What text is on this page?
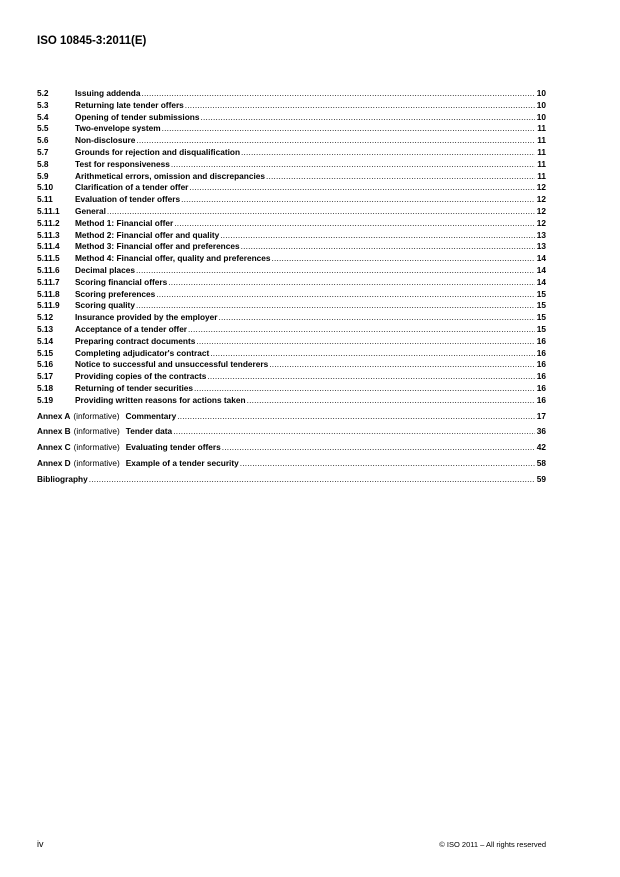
ISO 10845-3:2011(E)
5.2	Issuing addenda .....	10
5.3	Returning late tender offers .....	10
5.4	Opening of tender submissions .....	10
5.5	Two-envelope system .....	11
5.6	Non-disclosure .....	11
5.7	Grounds for rejection and disqualification .....	11
5.8	Test for responsiveness .....	11
5.9	Arithmetical errors, omission and discrepancies .....	11
5.10	Clarification of a tender offer .....	12
5.11	Evaluation of tender offers .....	12
5.11.1	General .....	12
5.11.2	Method 1: Financial offer .....	12
5.11.3	Method 2: Financial offer and quality .....	13
5.11.4	Method 3: Financial offer and preferences .....	13
5.11.5	Method 4: Financial offer, quality and preferences .....	14
5.11.6	Decimal places .....	14
5.11.7	Scoring financial offers .....	14
5.11.8	Scoring preferences .....	15
5.11.9	Scoring quality .....	15
5.12	Insurance provided by the employer .....	15
5.13	Acceptance of a tender offer .....	15
5.14	Preparing contract documents .....	16
5.15	Completing adjudicator's contract .....	16
5.16	Notice to successful and unsuccessful tenderers .....	16
5.17	Providing copies of the contracts .....	16
5.18	Returning of tender securities .....	16
5.19	Providing written reasons for actions taken .....	16
Annex A (informative) Commentary .....	17
Annex B (informative) Tender data .....	36
Annex C (informative) Evaluating tender offers .....	42
Annex D (informative) Example of a tender security .....	58
Bibliography .....	59
iv	© ISO 2011 – All rights reserved
